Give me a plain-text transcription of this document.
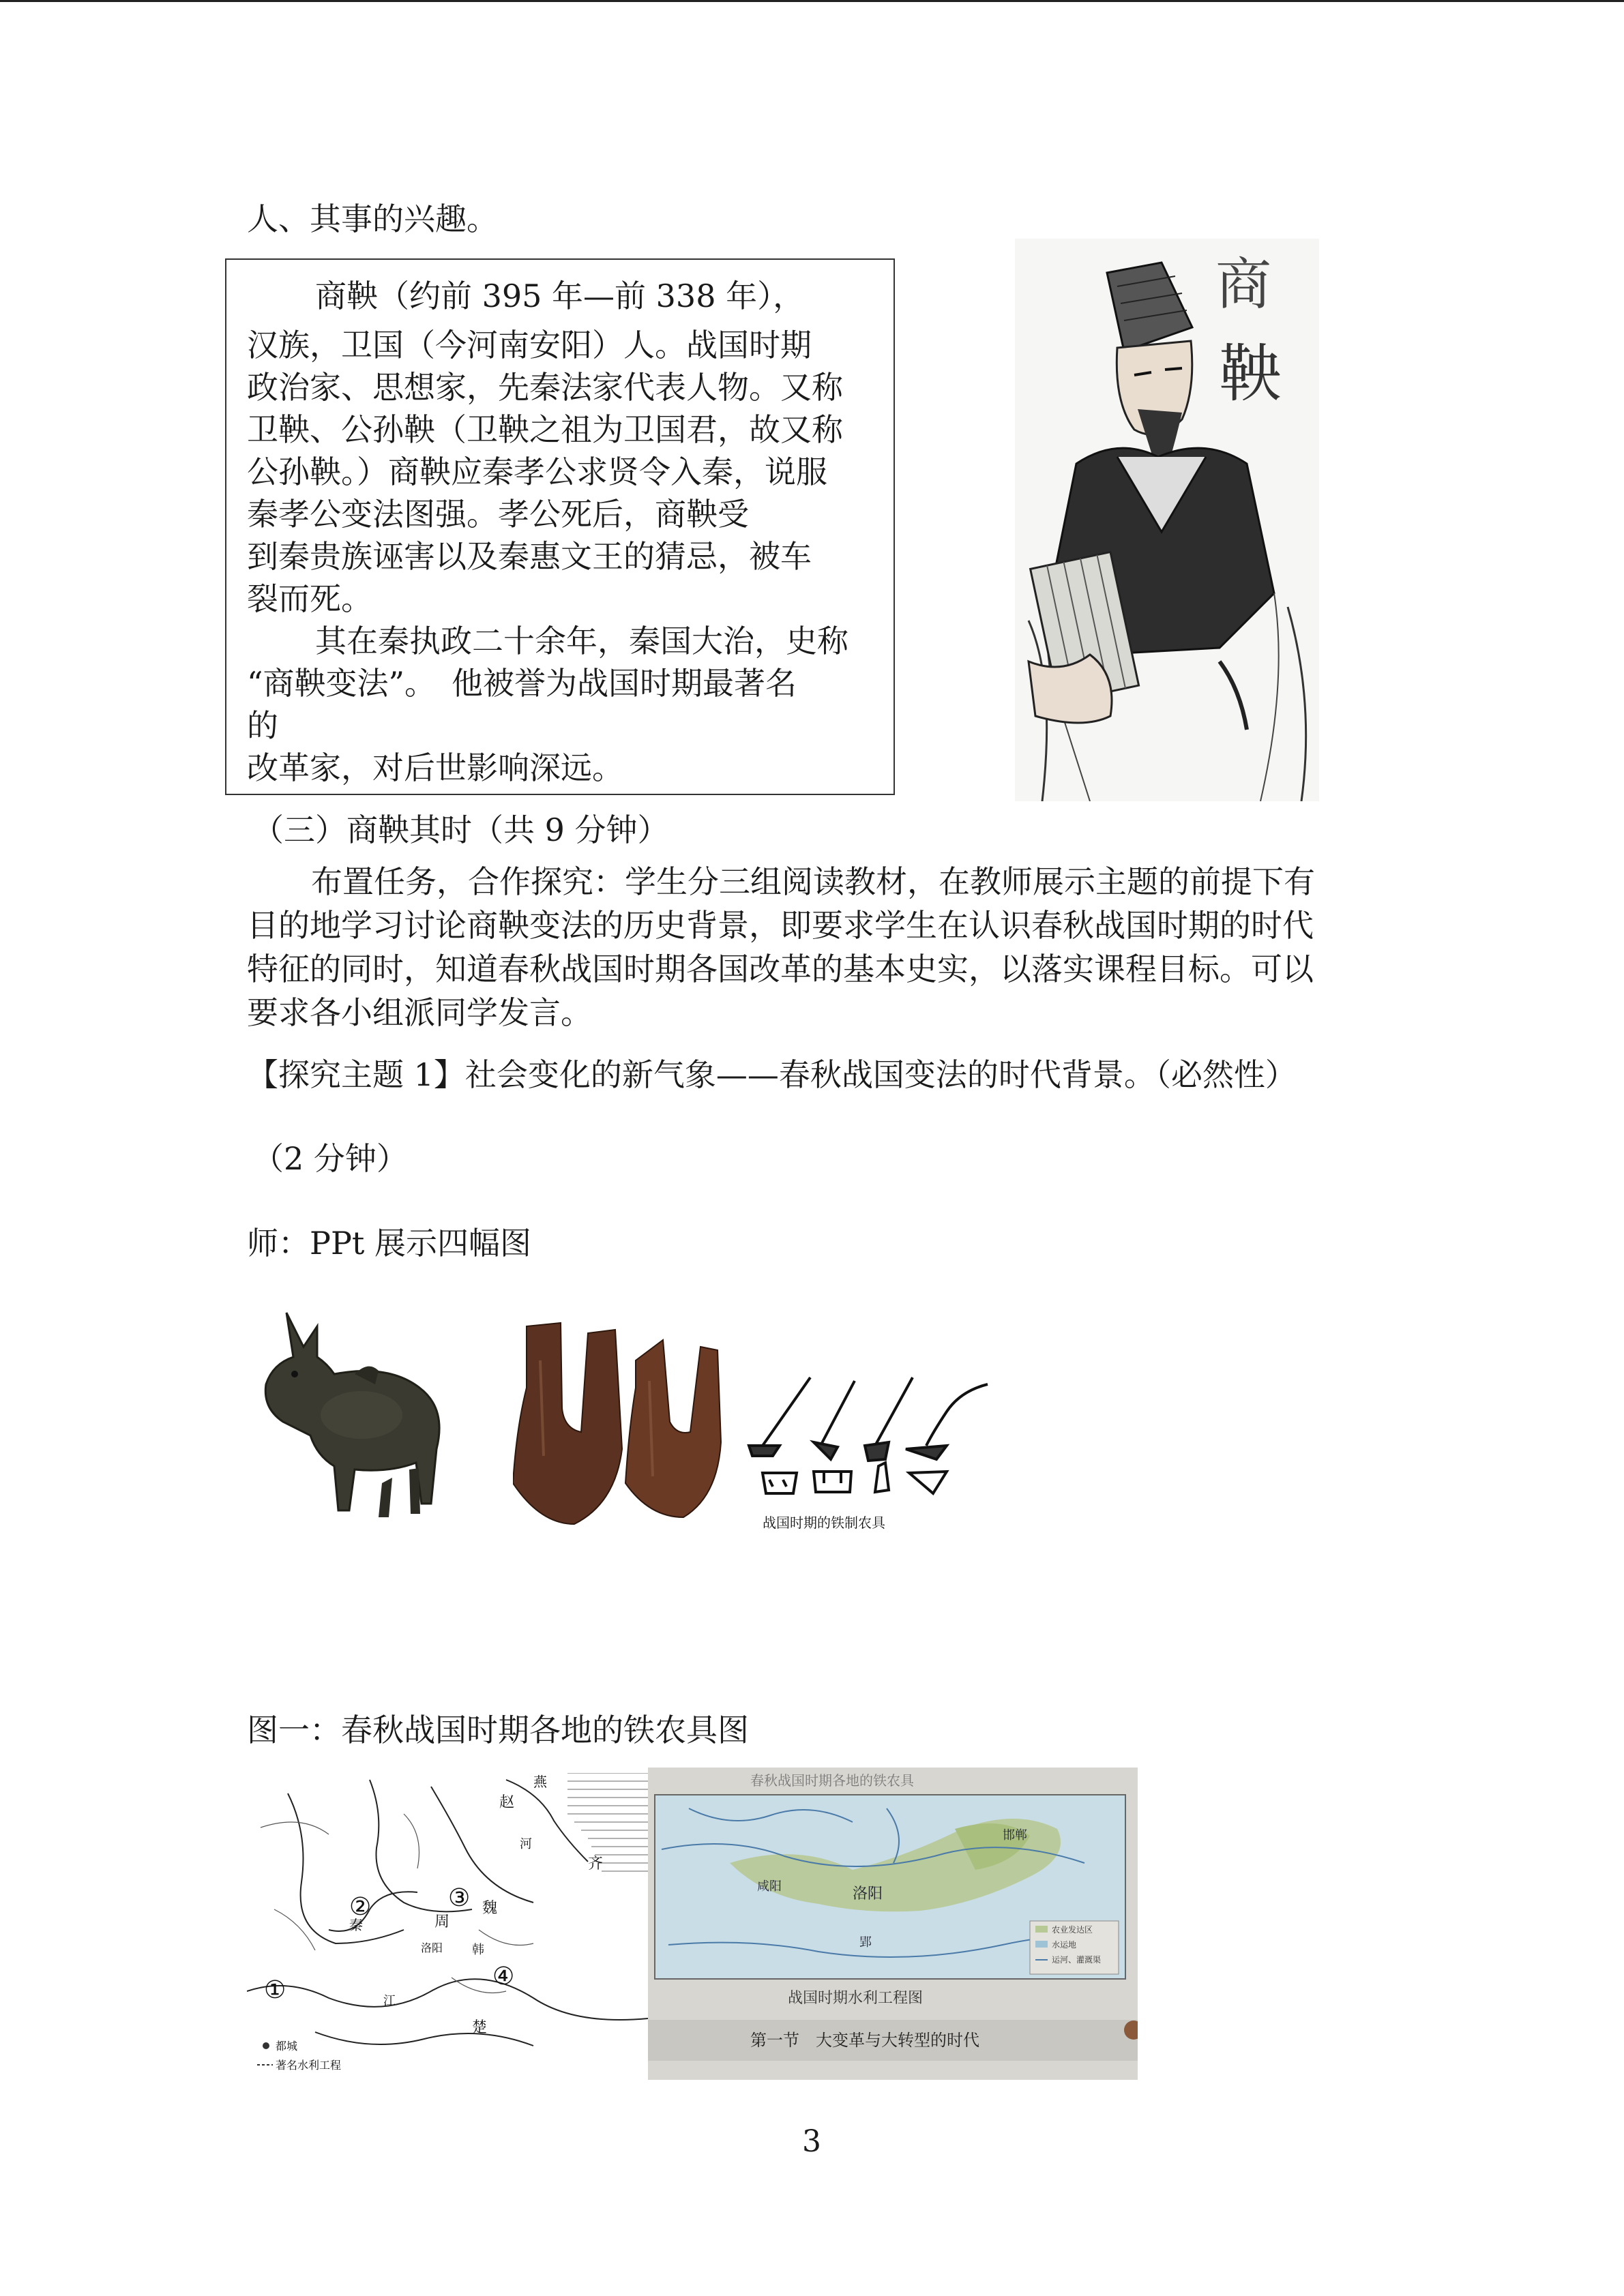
人、其事的兴趣。
商鞅（约前 395 年—前 338 年），
汉族，卫国（今河南安阳）人。战国时期
政治家、思想家，先秦法家代表人物。又称
卫鞅、公孙鞅（卫鞅之祖为卫国君，故又称
公孙鞅。）商鞅应秦孝公求贤令入秦，说服
秦孝公变法图强。孝公死后，商鞅受
到秦贵族诬害以及秦惠文王的猜忌，被车
裂而死。
其在秦执政二十余年，秦国大治，史称
“商鞅变法”。　他被誉为战国时期最著名
的
改革家，对后世影响深远。
商
鞅
（三）商鞅其时（共 9 分钟）
布置任务，合作探究：学生分三组阅读教材，在教师展示主题的前提下有
目的地学习讨论商鞅变法的历史背景，即要求学生在认识春秋战国时期的时代
特征的同时，知道春秋战国时期各国改革的基本史实，以落实课程目标。可以
要求各小组派同学发言。
【探究主题 1】社会变化的新气象——春秋战国变法的时代背景。（必然性）
（2 分钟）
师：PPt 展示四幅图
战国时期的铁制农具
图一：春秋战国时期各地的铁农具图
赵
燕
齐
周
秦
魏
洛阳
楚
韩
江
河
①
②	③
④
都城
著名水利工程
春秋战国时期各地的铁农具
洛阳
咸阳
郢
邯郸
农业发达区
水运地
运河、灌溉渠
战国时期水利工程图
第一节　大变革与大转型的时代
3
